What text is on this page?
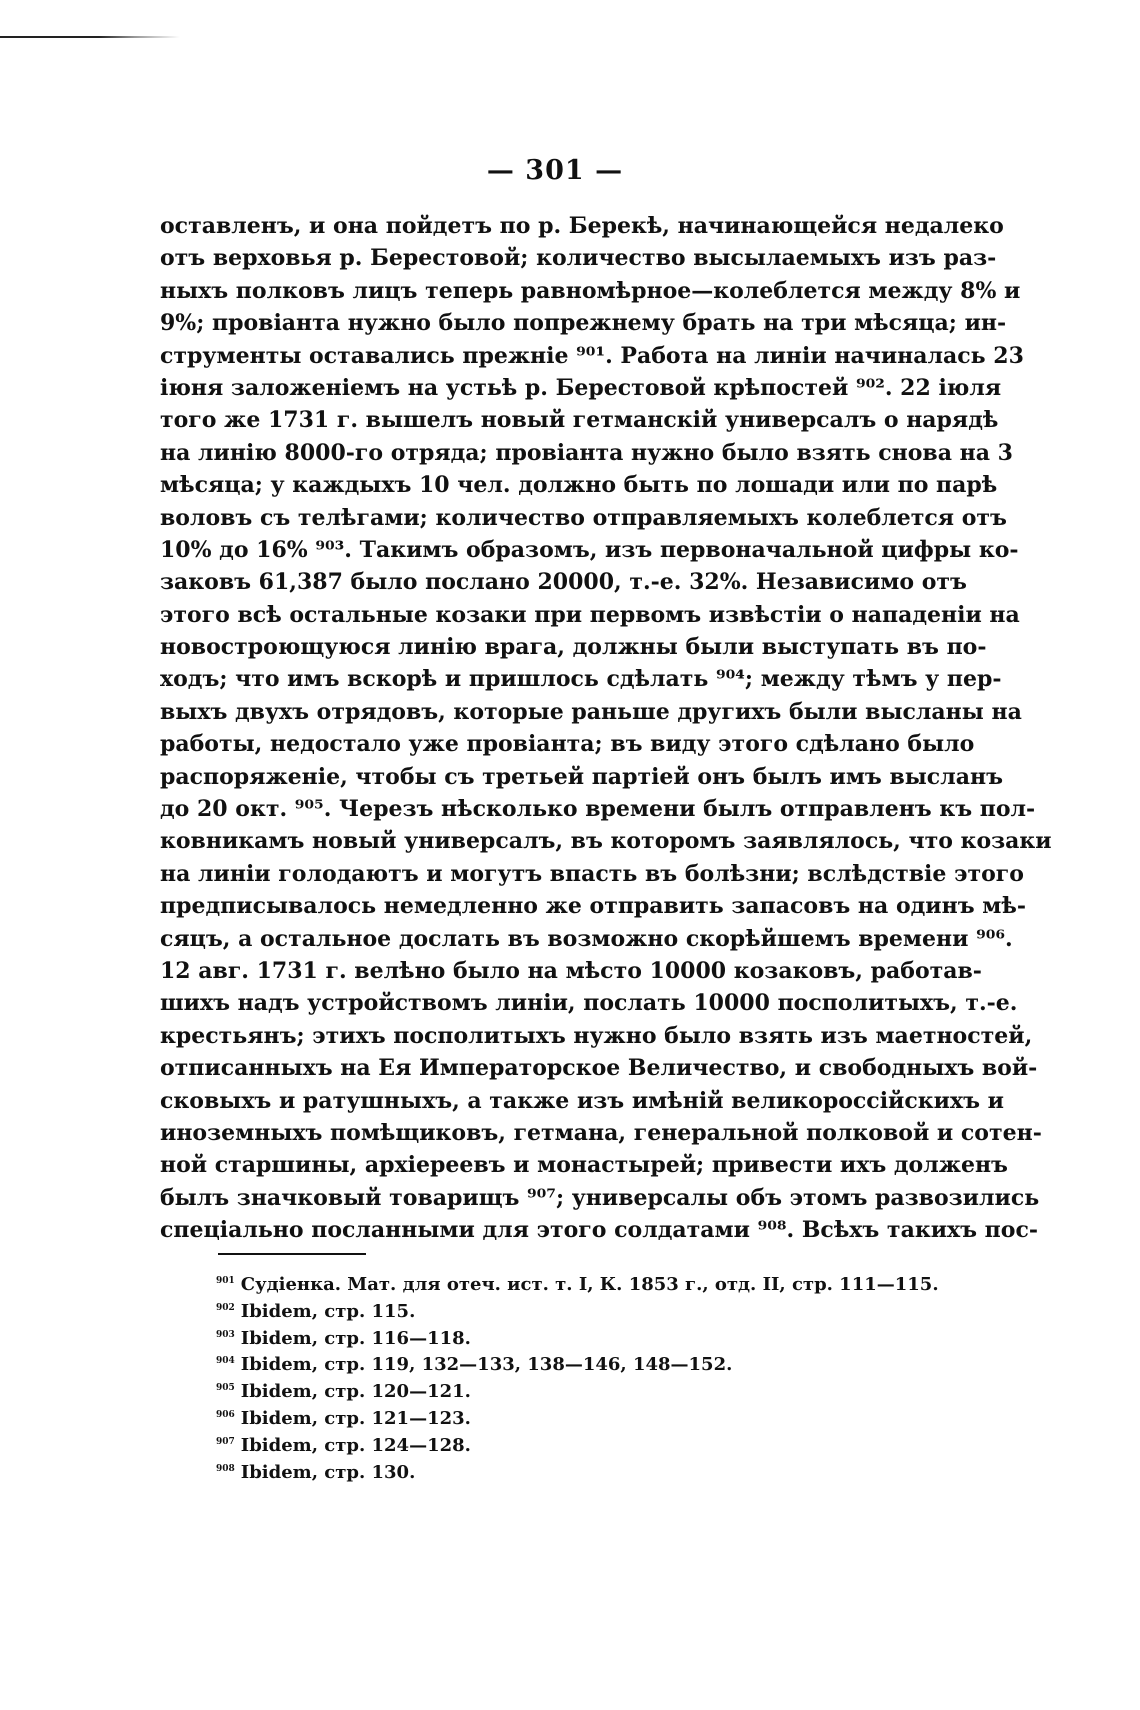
— 301 —
оставленъ, и она пойдетъ по р. Берекѣ, начинающейся недалеко
отъ верховья р. Берестовой; количество высылаемыхъ изъ раз-
ныхъ полковъ лицъ теперь равномѣрное—колеблется между 8% и
9%; провіанта нужно было попрежнему брать на три мѣсяца; ин-
струменты оставались прежніе ⁹⁰¹. Работа на линіи начиналась 23
іюня заложеніемъ на устьѣ р. Берестовой крѣпостей ⁹⁰². 22 іюля
того же 1731 г. вышелъ новый гетманскій универсалъ о нарядѣ
на линію 8000-го отряда; провіанта нужно было взять снова на 3
мѣсяца; у каждыхъ 10 чел. должно быть по лошади или по парѣ
воловъ съ телѣгами; количество отправляемыхъ колеблется отъ
10% до 16% ⁹⁰³. Такимъ образомъ, изъ первоначальной цифры ко-
заковъ 61,387 было послано 20000, т.-е. 32%. Независимо отъ
этого всѣ остальные козаки при первомъ извѣстіи о нападеніи на
новостроющуюся линію врага, должны были выступать въ по-
ходъ; что имъ вскорѣ и пришлось сдѣлать ⁹⁰⁴; между тѣмъ у пер-
выхъ двухъ отрядовъ, которые раньше другихъ были высланы на
работы, недостало уже провіанта; въ виду этого сдѣлано было
распоряженіе, чтобы съ третьей партіей онъ былъ имъ высланъ
до 20 окт. ⁹⁰⁵. Черезъ нѣсколько времени былъ отправленъ къ пол-
ковникамъ новый универсалъ, въ которомъ заявлялось, что козаки
на линіи голодаютъ и могутъ впасть въ болѣзни; вслѣдствіе этого
предписывалось немедленно же отправить запасовъ на одинъ мѣ-
сяцъ, а остальное дослать въ возможно скорѣйшемъ времени ⁹⁰⁶.
12 авг. 1731 г. велѣно было на мѣсто 10000 козаковъ, работав-
шихъ надъ устройствомъ линіи, послать 10000 посполитыхъ, т.-е.
крестьянъ; этихъ посполитыхъ нужно было взять изъ маетностей,
отписанныхъ на Ея Императорское Величество, и свободныхъ вой-
сковыхъ и ратушныхъ, а также изъ имѣній великороссійскихъ и
иноземныхъ помѣщиковъ, гетмана, генеральной полковой и сотен-
ной старшины, архіереевъ и монастырей; привести ихъ долженъ
былъ значковый товарищъ ⁹⁰⁷; универсалы объ этомъ развозились
спеціально посланными для этого солдатами ⁹⁰⁸. Всѣхъ такихъ пос-
$^{901}$ Судіенка. Мат. для отеч. ист. т. I, К. 1853 г., отд. II, стр. 111—115.
$^{902}$ Ibidem, стр. 115.
$^{903}$ Ibidem, стр. 116—118.
$^{904}$ Ibidem, стр. 119, 132—133, 138—146, 148—152.
$^{905}$ Ibidem, стр. 120—121.
$^{906}$ Ibidem, стр. 121—123.
$^{907}$ Ibidem, стр. 124—128.
$^{908}$ Ibidem, стр. 130.
